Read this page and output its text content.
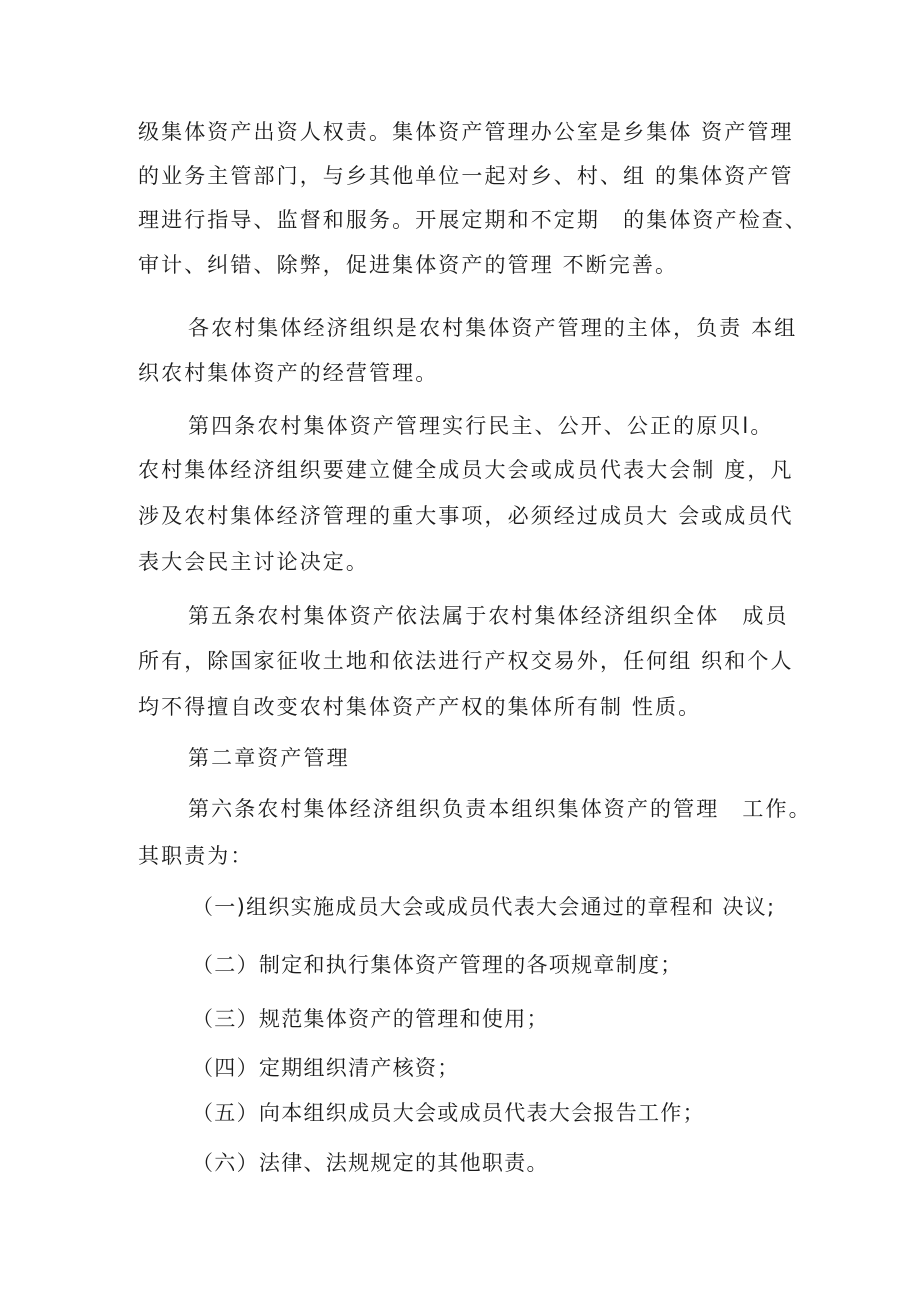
级集体资产出资人权责。集体资产管理办公室是乡集体 资产管理
的业务主管部门，与乡其他单位一起对乡、村、组 的集体资产管
理进行指导、监督和服务。开展定期和不定期　的集体资产检查、
审计、纠错、除弊，促进集体资产的管理 不断完善。
各农村集体经济组织是农村集体资产管理的主体，负责 本组
织农村集体资产的经营管理。
第四条农村集体资产管理实行民主、公开、公正的原贝l。
农村集体经济组织要建立健全成员大会或成员代表大会制 度，凡
涉及农村集体经济管理的重大事项，必须经过成员大 会或成员代
表大会民主讨论决定。
第五条农村集体资产依法属于农村集体经济组织全体　成员
所有，除国家征收土地和依法进行产权交易外，任何组 织和个人
均不得擅自改变农村集体资产产权的集体所有制 性质。
第二章资产管理
第六条农村集体经济组织负责本组织集体资产的管理　工作。
其职责为：
（一)组织实施成员大会或成员代表大会通过的章程和 决议;
（二）制定和执行集体资产管理的各项规章制度；
（三）规范集体资产的管理和使用；
（四）定期组织清产核资；
（五）向本组织成员大会或成员代表大会报告工作；
（六）法律、法规规定的其他职责。
